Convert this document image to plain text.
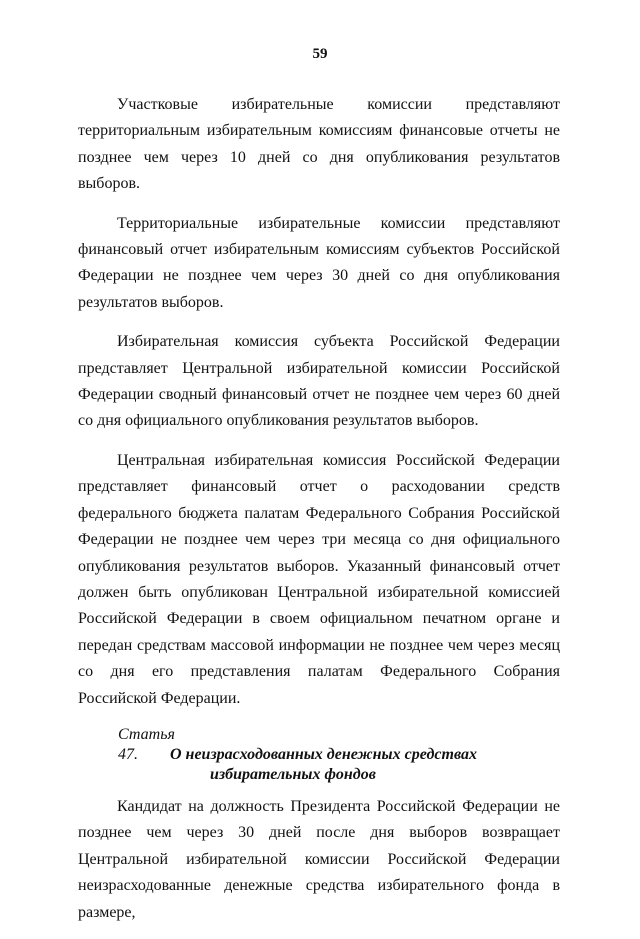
59

Участковые избирательные комиссии представляют территориальным избирательным комиссиям финансовые отчеты не позднее чем через 10 дней со дня опубликования результатов выборов.

Территориальные избирательные комиссии представляют финансовый отчет избирательным комиссиям субъектов Российской Федерации не позднее чем через 30 дней со дня опубликования результатов выборов.

Избирательная комиссия субъекта Российской Федерации представляет Центральной избирательной комиссии Российской Федерации сводный финансовый отчет не позднее чем через 60 дней со дня официального опубликования результатов выборов.

Центральная избирательная комиссия Российской Федерации представляет финансовый отчет о расходовании средств федерального бюджета палатам Федерального Собрания Российской Федерации не позднее чем через три месяца со дня официального опубликования результатов выборов. Указанный финансовый отчет должен быть опубликован Центральной избирательной комиссией Российской Федерации в своем официальном печатном органе и передан средствам массовой информации не позднее чем через месяц со дня его представления палатам Федерального Собрания Российской Федерации.

Статья 47. О неизрасходованных денежных средствах
избирательных фондов

Кандидат на должность Президента Российской Федерации не позднее чем через 30 дней после дня выборов возвращает Центральной избирательной комиссии Российской Федерации неизрасходованные денежные средства избирательного фонда в размере,
